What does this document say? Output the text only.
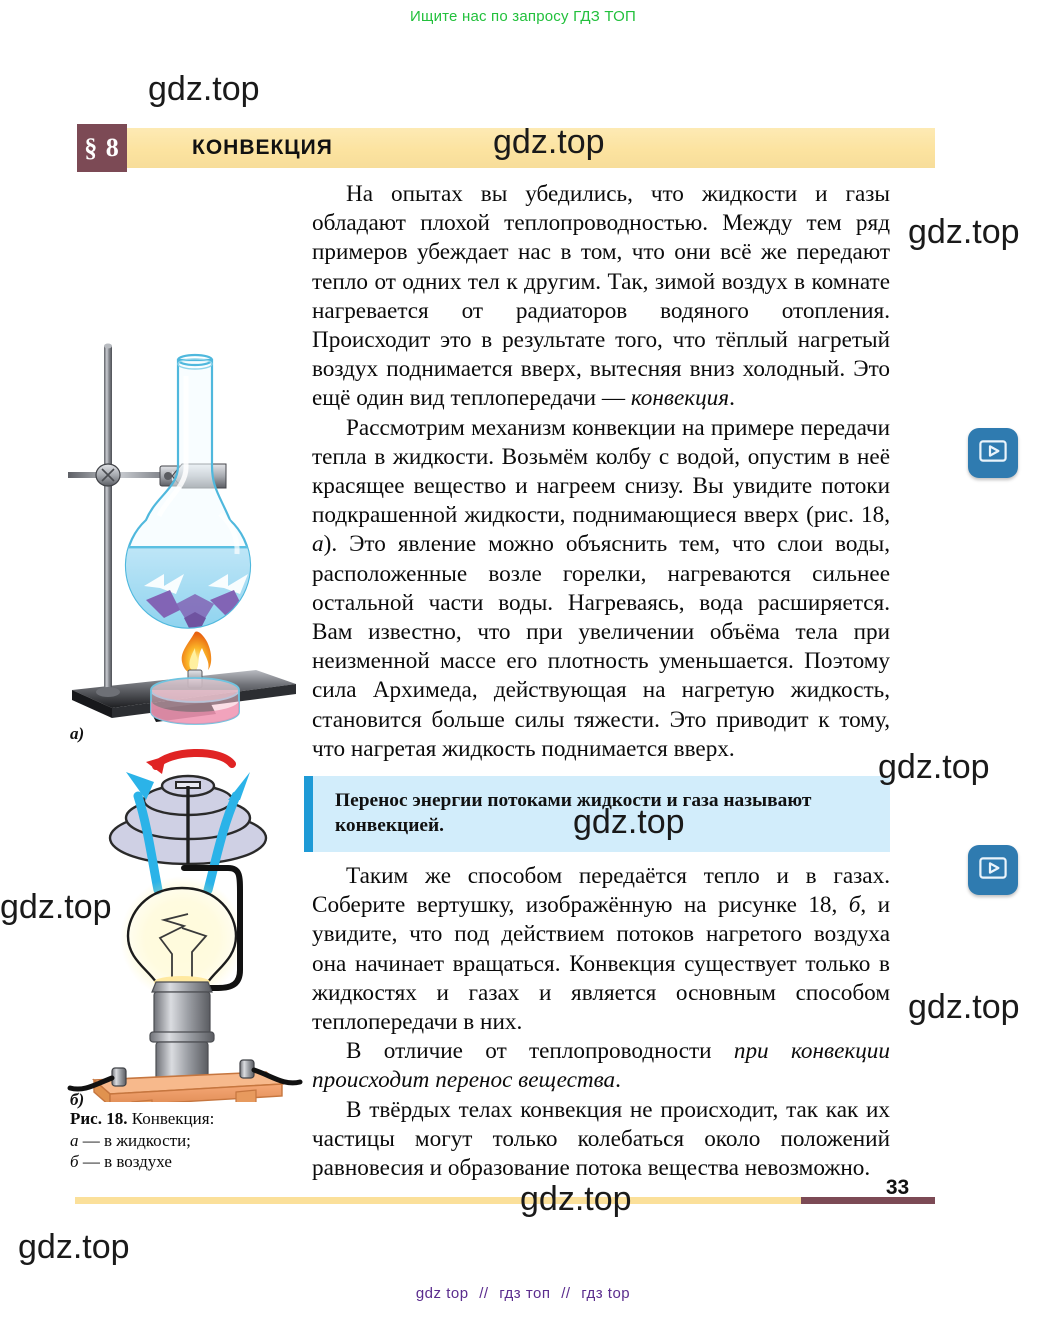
Ищите нас по запросу ГДЗ ТОП
§ 8	КОНВЕКЦИЯ
а)
б)
Рис. 18. Конвекция:
а — в жидкости;
б — в воздухе

На опытах вы убедились, что жидкости и газы обладают плохой теплопроводностью. Между тем ряд примеров убеждает нас в том, что они всё же передают тепло от одних тел к другим. Так, зимой воздух в комнате нагревается от радиаторов водяного отопления. Происходит это в результате того, что тёплый нагретый воздух поднимается вверх, вытесняя вниз холодный. Это ещё один вид теплопередачи — конвекция.

Рассмотрим механизм конвекции на примере передачи тепла в жидкости. Возьмём колбу с водой, опустим в неё красящее вещество и нагреем снизу. Вы увидите потоки подкрашенной жидкости, поднимающиеся вверх (рис. 18, а). Это явление можно объяснить тем, что слои воды, расположенные возле горелки, нагреваются сильнее остальной части воды. Нагреваясь, вода расширяется. Вам известно, что при увеличении объёма тела при неизменной массе его плотность уменьшается. Поэтому сила Архимеда, действующая на нагретую жидкость, становится больше силы тяжести. Это приводит к тому, что нагретая жидкость поднимается вверх.

Перенос энергии потоками жидкости и газа называют конвекцией.

Таким же способом передаётся тепло и в газах. Соберите вертушку, изображённую на рисунке 18, б, и увидите, что под действием потоков нагретого воздуха она начинает вращаться. Конвекция существует только в жидкостях и газах и является основным способом теплопередачи в них.

В отличие от теплопроводности при конвекции происходит перенос вещества.

В твёрдых телах конвекция не происходит, так как их частицы могут только колебаться около положений равновесия и образование потока вещества невозможно.

33
gdz top // гдз топ // гдз top
gdz.top
gdz.top
gdz.top
gdz.top
gdz.top
gdz.top
gdz.top
gdz.top
gdz.top
